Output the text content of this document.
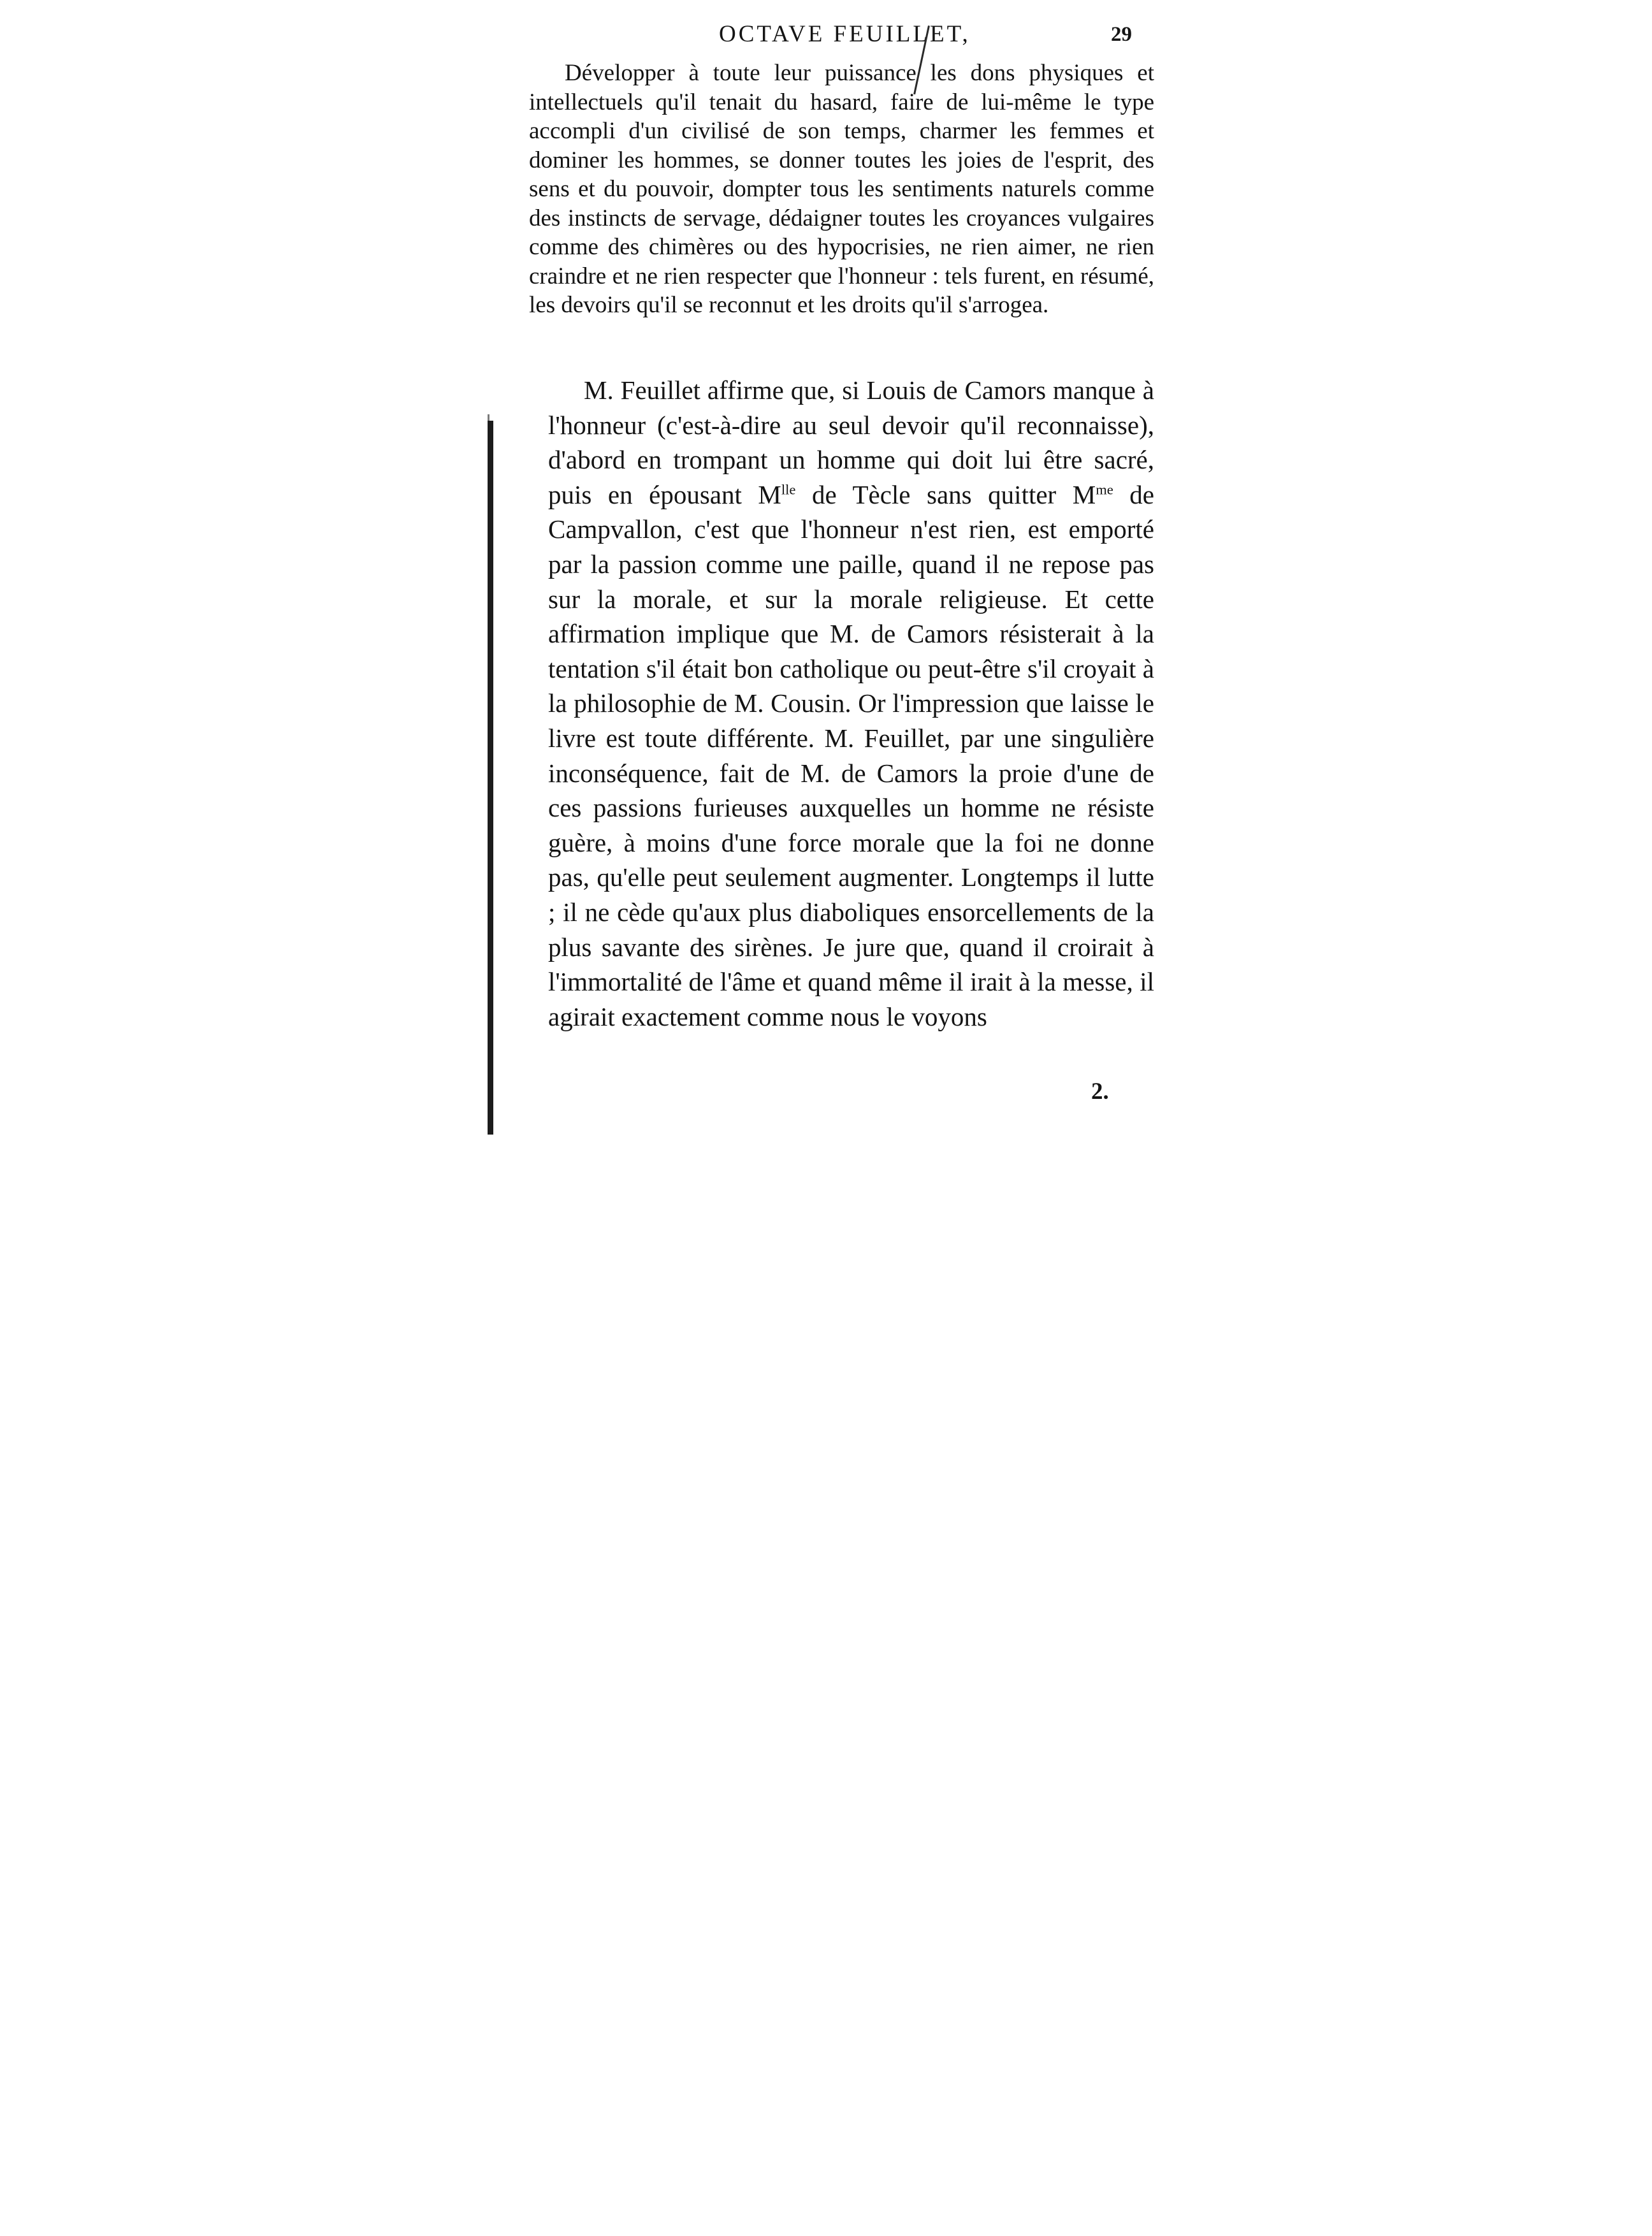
OCTAVE FEUILLET,	29

Développer à toute leur puissance les dons physiques et intellectuels qu'il tenait du hasard, faire de lui-même le type accompli d'un civilisé de son temps, charmer les femmes et dominer les hommes, se donner toutes les joies de l'esprit, des sens et du pouvoir, dompter tous les sentiments naturels comme des instincts de servage, dédaigner toutes les croyances vulgaires comme des chimères ou des hypocrisies, ne rien aimer, ne rien craindre et ne rien respecter que l'honneur : tels furent, en résumé, les devoirs qu'il se reconnut et les droits qu'il s'arrogea.

M. Feuillet affirme que, si Louis de Camors manque à l'honneur (c'est-à-dire au seul devoir qu'il reconnaisse), d'abord en trompant un homme qui doit lui être sacré, puis en épousant $M^{lle}$ de Tècle sans quitter $M^{me}$ de Campvallon, c'est que l'honneur n'est rien, est emporté par la passion comme une paille, quand il ne repose pas sur la morale, et sur la morale religieuse. Et cette affirmation implique que M. de Camors résisterait à la tentation s'il était bon catholique ou peut-être s'il croyait à la philosophie de M. Cousin. Or l'impression que laisse le livre est toute différente. M. Feuillet, par une singulière inconséquence, fait de M. de Camors la proie d'une de ces passions furieuses auxquelles un homme ne résiste guère, à moins d'une force morale que la foi ne donne pas, qu'elle peut seulement augmenter. Longtemps il lutte ; il ne cède qu'aux plus diaboliques ensorcellements de la plus savante des sirènes. Je jure que, quand il croirait à l'immortalité de l'âme et quand même il irait à la messe, il agirait exactement comme nous le voyons

2.
